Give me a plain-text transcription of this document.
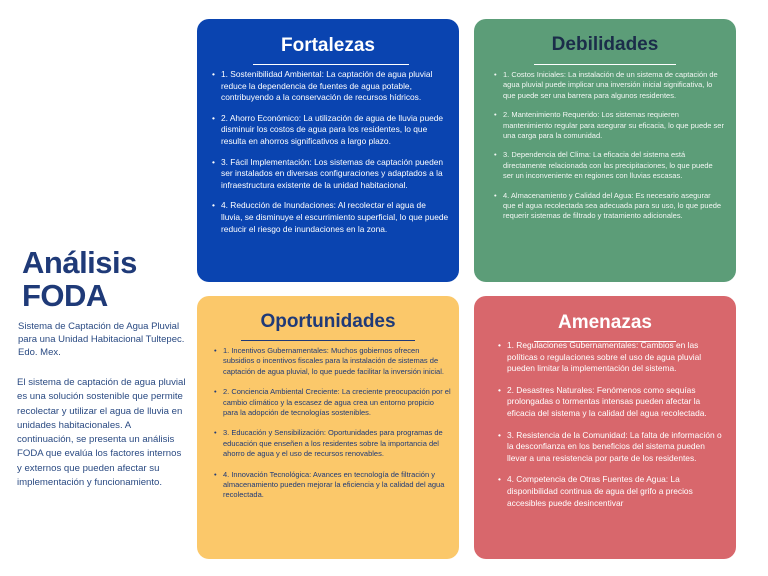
Análisis FODA
Sistema de Captación de Agua Pluvial para una Unidad Habitacional Tultepec. Edo. Mex.
El sistema de captación de agua pluvial es una solución sostenible que permite recolectar y utilizar el agua de lluvia en unidades habitacionales. A continuación, se presenta un análisis FODA que evalúa los factores internos y externos que pueden afectar su implementación y funcionamiento.
Fortalezas
• 1. Sostenibilidad Ambiental: La captación de agua pluvial reduce la dependencia de fuentes de agua potable, contribuyendo a la conservación de recursos hídricos.
• 2. Ahorro Económico: La utilización de agua de lluvia puede disminuir los costos de agua para los residentes, lo que resulta en ahorros significativos a largo plazo.
• 3. Fácil Implementación: Los sistemas de captación pueden ser instalados en diversas configuraciones y adaptados a la infraestructura existente de la unidad habitacional.
• 4. Reducción de Inundaciones: Al recolectar el agua de lluvia, se disminuye el escurrimiento superficial, lo que puede reducir el riesgo de inundaciones en la zona.
Debilidades
• 1. Costos Iniciales: La instalación de un sistema de captación de agua pluvial puede implicar una inversión inicial significativa, lo que puede ser una barrera para algunos residentes.
• 2. Mantenimiento Requerido: Los sistemas requieren mantenimiento regular para asegurar su eficacia, lo que puede ser una carga para la comunidad.
• 3. Dependencia del Clima: La eficacia del sistema está directamente relacionada con las precipitaciones, lo que puede ser un inconveniente en regiones con lluvias escasas.
• 4. Almacenamiento y Calidad del Agua: Es necesario asegurar que el agua recolectada sea adecuada para su uso, lo que puede requerir sistemas de filtrado y tratamiento adicionales.
Oportunidades
• 1. Incentivos Gubernamentales: Muchos gobiernos ofrecen subsidios o incentivos fiscales para la instalación de sistemas de captación de agua pluvial, lo que puede facilitar la inversión inicial.
• 2. Conciencia Ambiental Creciente: La creciente preocupación por el cambio climático y la escasez de agua crea un entorno propicio para la adopción de tecnologías sostenibles.
• 3. Educación y Sensibilización: Oportunidades para programas de educación que enseñen a los residentes sobre la importancia del ahorro de agua y el uso de recursos renovables.
• 4. Innovación Tecnológica: Avances en tecnología de filtración y almacenamiento pueden mejorar la eficiencia y la calidad del agua recolectada.
Amenazas
• 1. Regulaciones Gubernamentales: Cambios en las políticas o regulaciones sobre el uso de agua pluvial pueden limitar la implementación del sistema.
• 2. Desastres Naturales: Fenómenos como sequías prolongadas o tormentas intensas pueden afectar la eficacia del sistema y la calidad del agua recolectada.
• 3. Resistencia de la Comunidad: La falta de información o la desconfianza en los beneficios del sistema pueden llevar a una resistencia por parte de los residentes.
• 4. Competencia de Otras Fuentes de Agua: La disponibilidad continua de agua del grifo a precios accesibles puede desincentivar
